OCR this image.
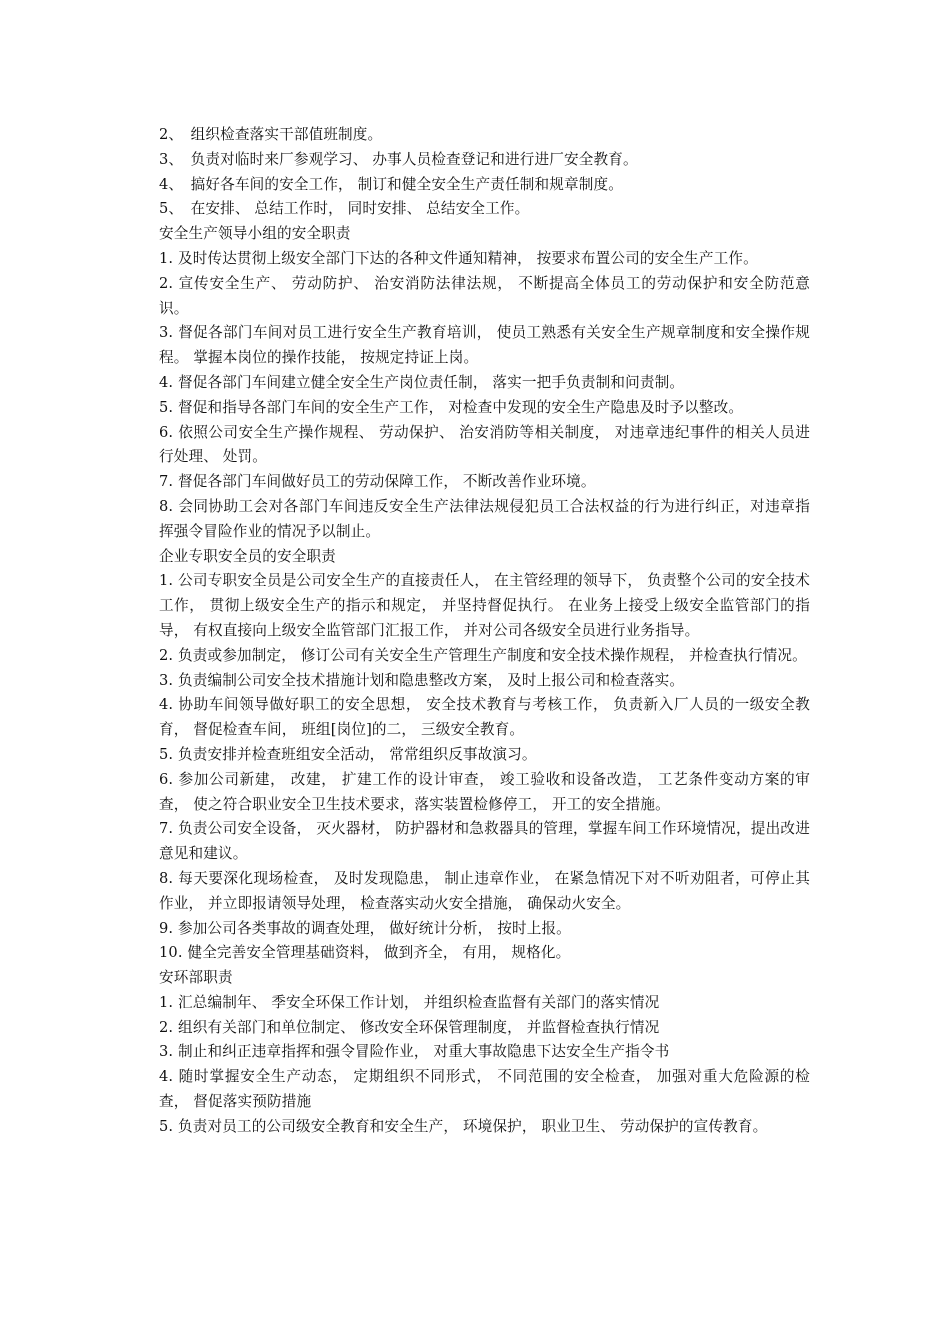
2、　组织检查落实干部值班制度。

3、　负责对临时来厂参观学习、 办事人员检查登记和进行进厂安全教育。

4、　搞好各车间的安全工作， 制订和健全安全生产责任制和规章制度。

5、　在安排、 总结工作时， 同时安排、 总结安全工作。

安全生产领导小组的安全职责

1. 及时传达贯彻上级安全部门下达的各种文件通知精神， 按要求布置公司的安全生产工作。

2. 宣传安全生产、 劳动防护、 治安消防法律法规， 不断提高全体员工的劳动保护和安全防范意识。

3. 督促各部门车间对员工进行安全生产教育培训， 使员工熟悉有关安全生产规章制度和安全操作规程。 掌握本岗位的操作技能， 按规定持证上岗。

4. 督促各部门车间建立健全安全生产岗位责任制， 落实一把手负责制和问责制。

5. 督促和指导各部门车间的安全生产工作， 对检查中发现的安全生产隐患及时予以整改。

6. 依照公司安全生产操作规程、 劳动保护、 治安消防等相关制度， 对违章违纪事件的相关人员进行处理、 处罚。

7. 督促各部门车间做好员工的劳动保障工作， 不断改善作业环境。

8. 会同协助工会对各部门车间违反安全生产法律法规侵犯员工合法权益的行为进行纠正，对违章指挥强令冒险作业的情况予以制止。

企业专职安全员的安全职责

1. 公司专职安全员是公司安全生产的直接责任人， 在主管经理的领导下， 负责整个公司的安全技术工作， 贯彻上级安全生产的指示和规定， 并坚持督促执行。 在业务上接受上级安全监管部门的指导， 有权直接向上级安全监管部门汇报工作， 并对公司各级安全员进行业务指导。

2. 负责或参加制定， 修订公司有关安全生产管理生产制度和安全技术操作规程， 并检查执行情况。

3. 负责编制公司安全技术措施计划和隐患整改方案， 及时上报公司和检查落实。

4. 协助车间领导做好职工的安全思想， 安全技术教育与考核工作， 负责新入厂人员的一级安全教育， 督促检查车间， 班组[岗位]的二， 三级安全教育。

5. 负责安排并检查班组安全活动， 常常组织反事故演习。

6. 参加公司新建， 改建， 扩建工作的设计审查， 竣工验收和设备改造， 工艺条件变动方案的审查， 使之符合职业安全卫生技术要求，落实装置检修停工， 开工的安全措施。

7. 负责公司安全设备， 灭火器材， 防护器材和急救器具的管理，掌握车间工作环境情况，提出改进意见和建议。

8. 每天要深化现场检查， 及时发现隐患， 制止违章作业， 在紧急情况下对不听劝阻者，可停止其作业， 并立即报请领导处理， 检查落实动火安全措施， 确保动火安全。

9. 参加公司各类事故的调查处理， 做好统计分析， 按时上报。

10. 健全完善安全管理基础资料， 做到齐全， 有用， 规格化。

安环部职责

1. 汇总编制年、 季安全环保工作计划， 并组织检查监督有关部门的落实情况

2. 组织有关部门和单位制定、 修改安全环保管理制度， 并监督检查执行情况

3. 制止和纠正违章指挥和强令冒险作业， 对重大事故隐患下达安全生产指令书

4. 随时掌握安全生产动态， 定期组织不同形式， 不同范围的安全检查， 加强对重大危险源的检查， 督促落实预防措施

5. 负责对员工的公司级安全教育和安全生产， 环境保护， 职业卫生、 劳动保护的宣传教育。
